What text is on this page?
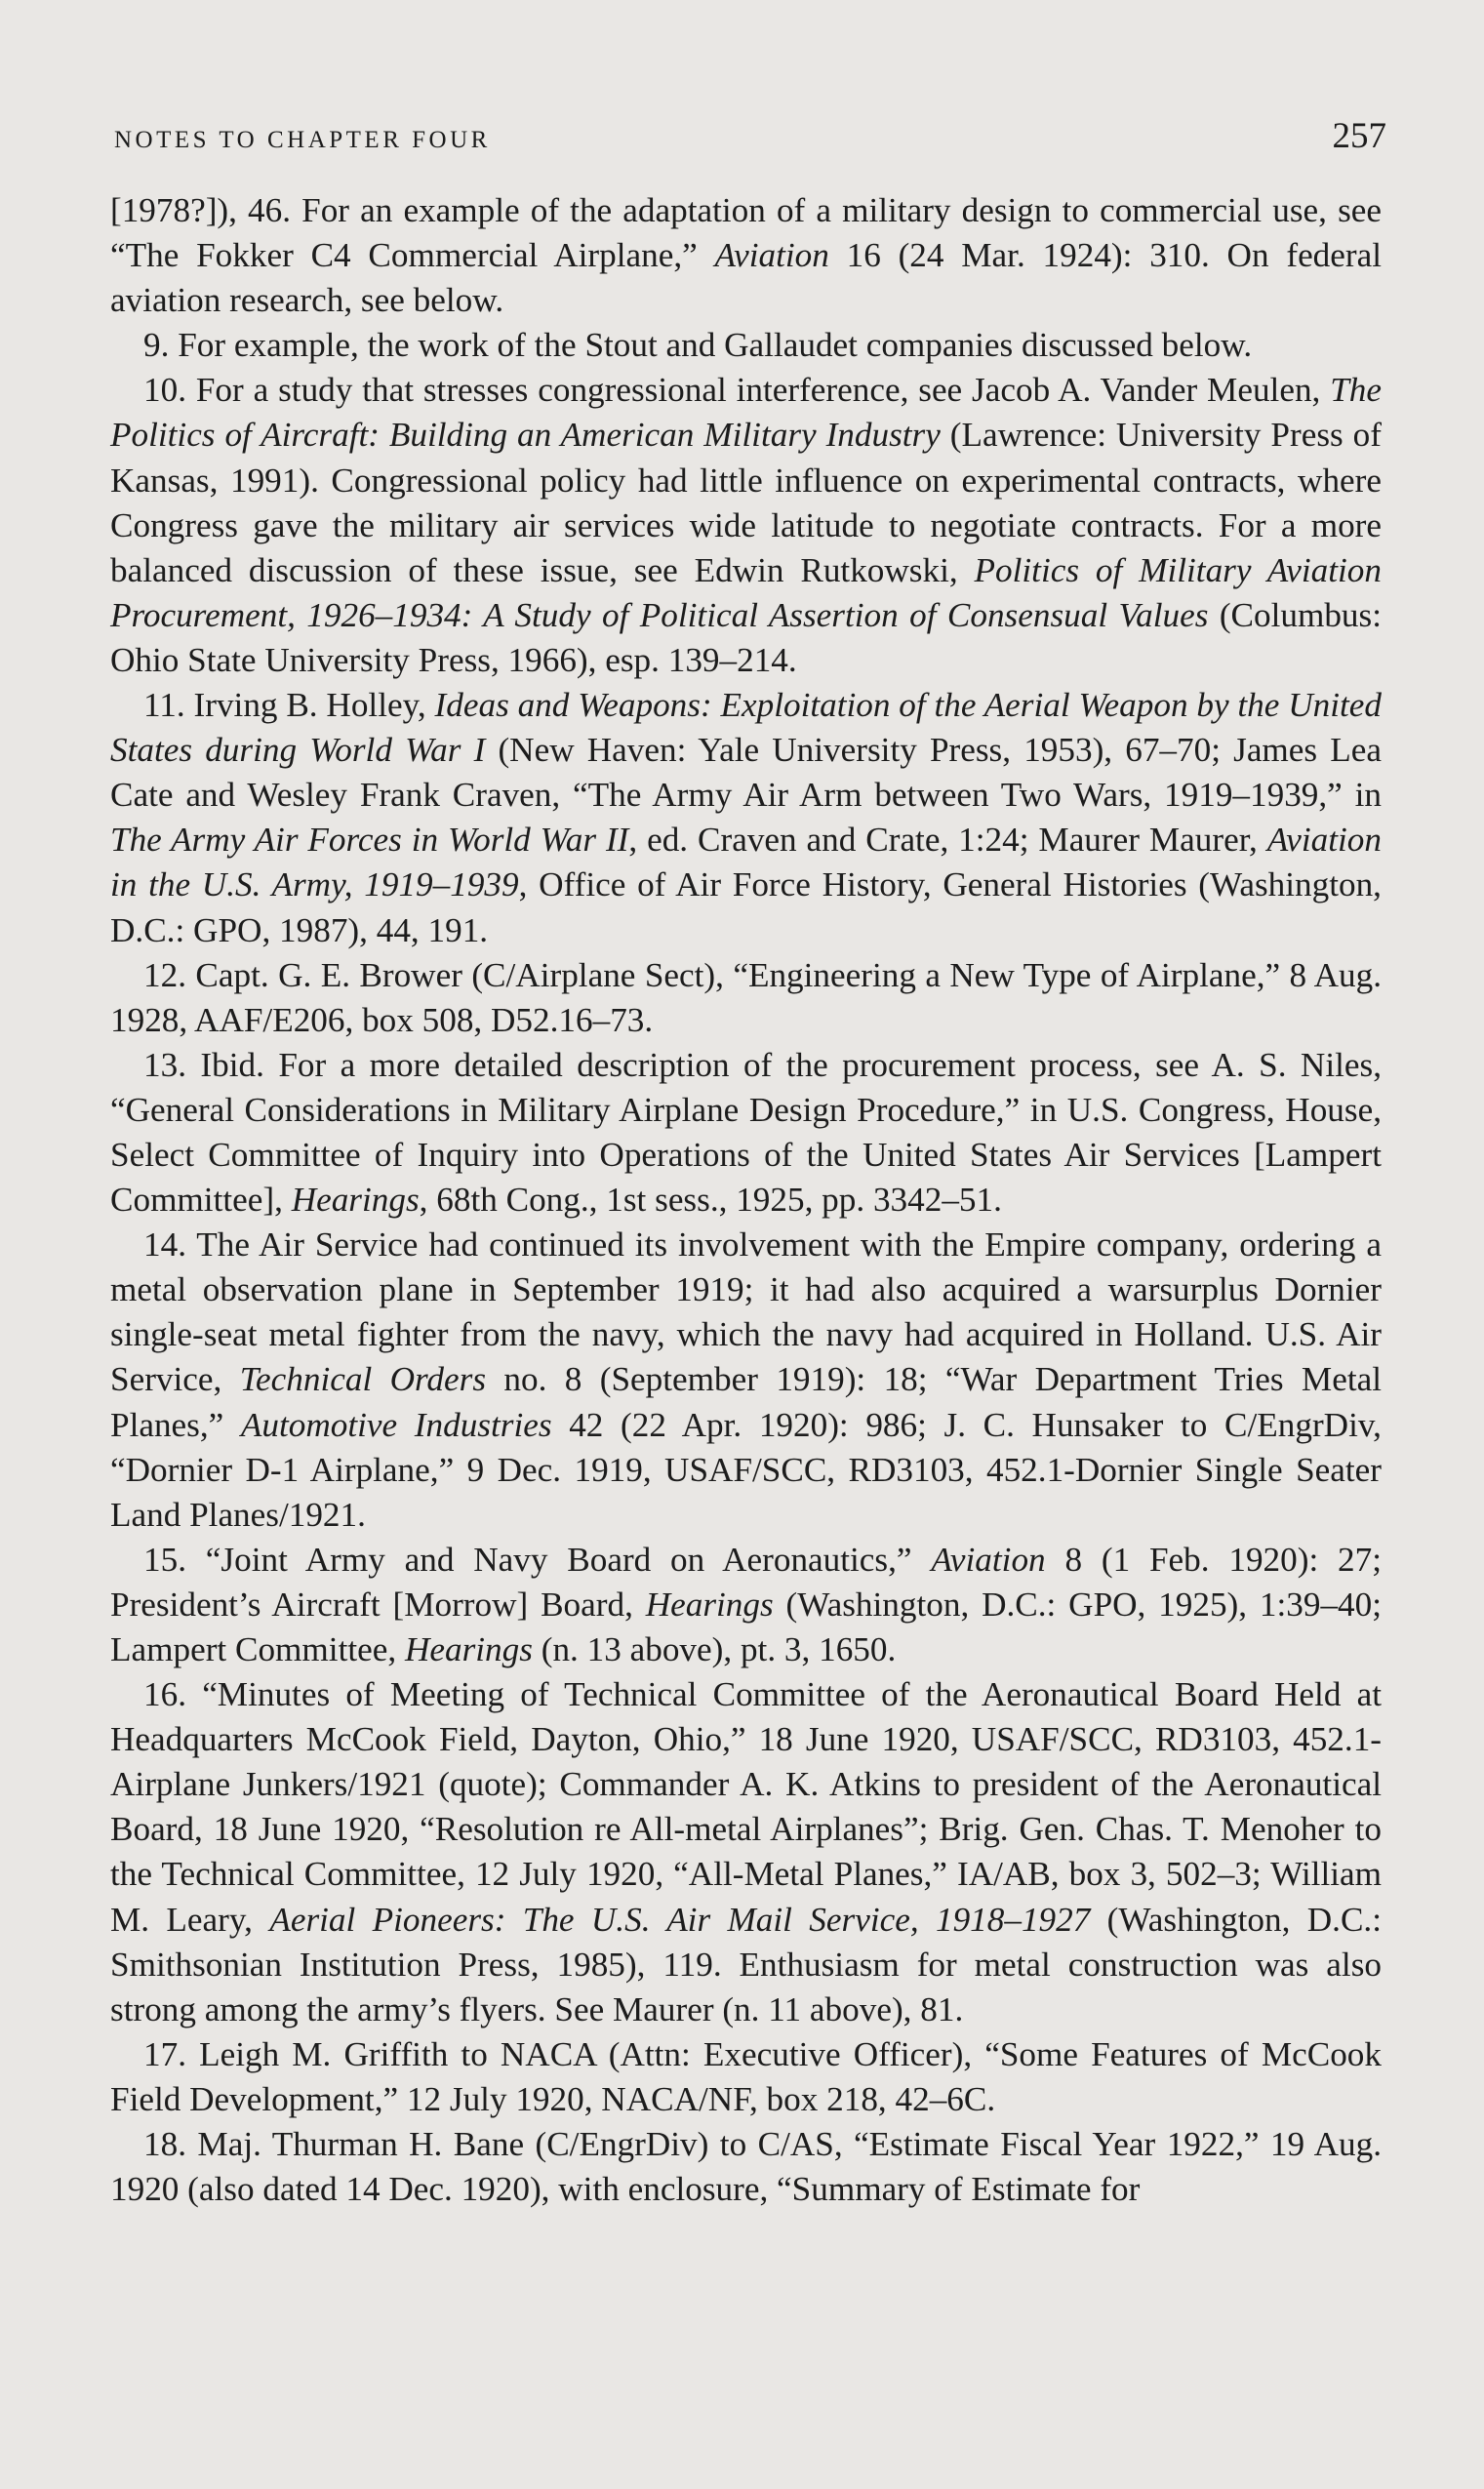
NOTES TO CHAPTER FOUR	257

[1978?]), 46. For an example of the adaptation of a military design to commercial use, see “The Fokker C4 Commercial Airplane,” Aviation 16 (24 Mar. 1924): 310. On federal aviation research, see below.

9. For example, the work of the Stout and Gallaudet companies discussed below.

10. For a study that stresses congressional interference, see Jacob A. Vander Meulen, The Politics of Aircraft: Building an American Military Industry (Lawrence: University Press of Kansas, 1991). Congressional policy had little influence on experimental contracts, where Congress gave the military air services wide latitude to negotiate contracts. For a more balanced discussion of these issue, see Edwin Rutkowski, Politics of Military Aviation Procurement, 1926–1934: A Study of Political Assertion of Consensual Values (Columbus: Ohio State University Press, 1966), esp. 139–214.

11. Irving B. Holley, Ideas and Weapons: Exploitation of the Aerial Weapon by the United States during World War I (New Haven: Yale University Press, 1953), 67–70; James Lea Cate and Wesley Frank Craven, “The Army Air Arm between Two Wars, 1919–1939,” in The Army Air Forces in World War II, ed. Craven and Crate, 1:24; Maurer Maurer, Aviation in the U.S. Army, 1919–1939, Office of Air Force History, General Histories (Washington, D.C.: GPO, 1987), 44, 191.

12. Capt. G. E. Brower (C/Airplane Sect), “Engineering a New Type of Airplane,” 8 Aug. 1928, AAF/E206, box 508, D52.16–73.

13. Ibid. For a more detailed description of the procurement process, see A. S. Niles, “General Considerations in Military Airplane Design Procedure,” in U.S. Congress, House, Select Committee of Inquiry into Operations of the United States Air Services [Lampert Committee], Hearings, 68th Cong., 1st sess., 1925, pp. 3342–51.

14. The Air Service had continued its involvement with the Empire company, ordering a metal observation plane in September 1919; it had also acquired a warsurplus Dornier single-seat metal fighter from the navy, which the navy had acquired in Holland. U.S. Air Service, Technical Orders no. 8 (September 1919): 18; “War Department Tries Metal Planes,” Automotive Industries 42 (22 Apr. 1920): 986; J. C. Hunsaker to C/EngrDiv, “Dornier D-1 Airplane,” 9 Dec. 1919, USAF/SCC, RD3103, 452.1-Dornier Single Seater Land Planes/1921.

15. “Joint Army and Navy Board on Aeronautics,” Aviation 8 (1 Feb. 1920): 27; President’s Aircraft [Morrow] Board, Hearings (Washington, D.C.: GPO, 1925), 1:39–40; Lampert Committee, Hearings (n. 13 above), pt. 3, 1650.

16. “Minutes of Meeting of Technical Committee of the Aeronautical Board Held at Headquarters McCook Field, Dayton, Ohio,” 18 June 1920, USAF/SCC, RD3103, 452.1-Airplane Junkers/1921 (quote); Commander A. K. Atkins to president of the Aeronautical Board, 18 June 1920, “Resolution re All-metal Airplanes”; Brig. Gen. Chas. T. Menoher to the Technical Committee, 12 July 1920, “All-Metal Planes,” IA/AB, box 3, 502–3; William M. Leary, Aerial Pioneers: The U.S. Air Mail Service, 1918–1927 (Washington, D.C.: Smithsonian Institution Press, 1985), 119. Enthusiasm for metal construction was also strong among the army’s flyers. See Maurer (n. 11 above), 81.

17. Leigh M. Griffith to NACA (Attn: Executive Officer), “Some Features of McCook Field Development,” 12 July 1920, NACA/NF, box 218, 42–6C.

18. Maj. Thurman H. Bane (C/EngrDiv) to C/AS, “Estimate Fiscal Year 1922,” 19 Aug. 1920 (also dated 14 Dec. 1920), with enclosure, “Summary of Estimate for
